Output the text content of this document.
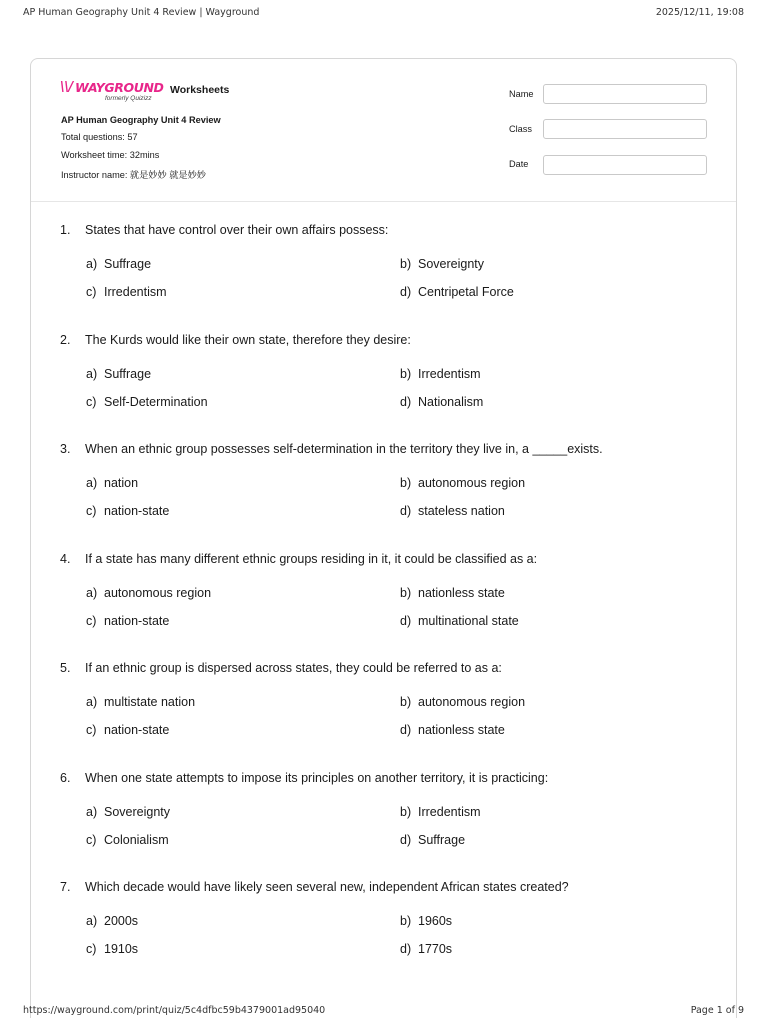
AP Human Geography Unit 4 Review | Wayground	2025/12/11, 19:08
\\/ WAYGROUND
formerly Quizizz
Worksheets
AP Human Geography Unit 4 Review
Total questions: 57
Worksheet time: 32mins
Instructor name: 就是妙妙 就是妙妙
Name
Class
Date
1. States that have control over their own affairs possess:
a) Suffrage	b) Sovereignty
c) Irredentism	d) Centripetal Force
2. The Kurds would like their own state, therefore they desire:
a) Suffrage	b) Irredentism
c) Self-Determination	d) Nationalism
3. When an ethnic group possesses self-determination in the territory they live in, a _____exists.
a) nation	b) autonomous region
c) nation-state	d) stateless nation
4. If a state has many different ethnic groups residing in it, it could be classified as a:
a) autonomous region	b) nationless state
c) nation-state	d) multinational state
5. If an ethnic group is dispersed across states, they could be referred to as a:
a) multistate nation	b) autonomous region
c) nation-state	d) nationless state
6. When one state attempts to impose its principles on another territory, it is practicing:
a) Sovereignty	b) Irredentism
c) Colonialism	d) Suffrage
7. Which decade would have likely seen several new, independent African states created?
a) 2000s	b) 1960s
c) 1910s	d) 1770s
https://wayground.com/print/quiz/5c4dfbc59b4379001ad95040	Page 1 of 9
